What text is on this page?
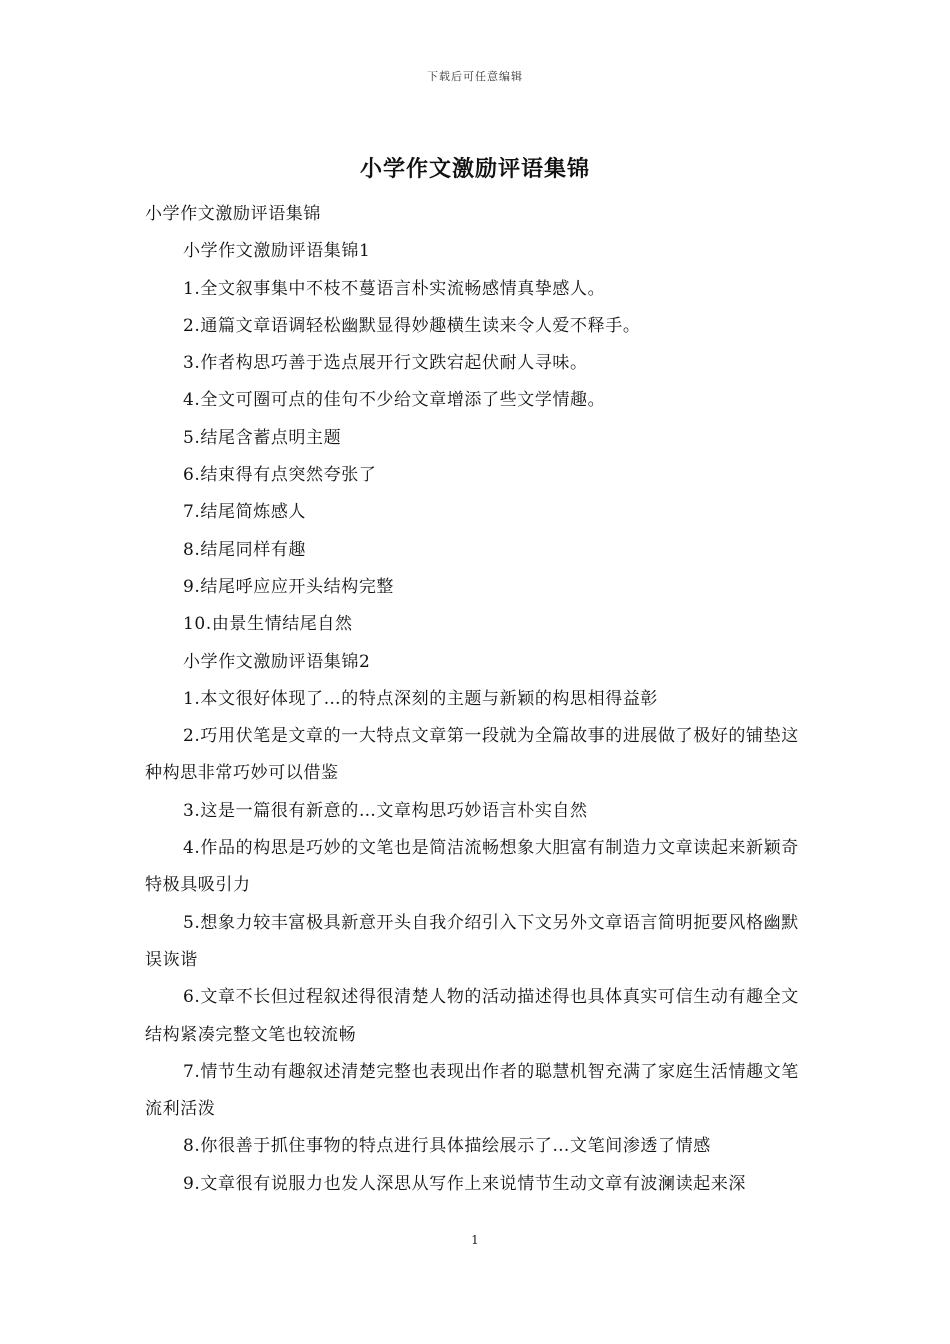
下载后可任意编辑
小学作文激励评语集锦

小学作文激励评语集锦

小学作文激励评语集锦1

1.全文叙事集中不枝不蔓语言朴实流畅感情真挚感人。

2.通篇文章语调轻松幽默显得妙趣横生读来令人爱不释手。

3.作者构思巧善于选点展开行文跌宕起伏耐人寻味。

4.全文可圈可点的佳句不少给文章增添了些文学情趣。

5.结尾含蓄点明主题

6.结束得有点突然夸张了

7.结尾简炼感人

8.结尾同样有趣

9.结尾呼应应开头结构完整

10.由景生情结尾自然

小学作文激励评语集锦2

1.本文很好体现了…的特点深刻的主题与新颖的构思相得益彰

2.巧用伏笔是文章的一大特点文章第一段就为全篇故事的进展做了极好的铺垫这种构思非常巧妙可以借鉴

3.这是一篇很有新意的…文章构思巧妙语言朴实自然

4.作品的构思是巧妙的文笔也是简洁流畅想象大胆富有制造力文章读起来新颖奇特极具吸引力

5.想象力较丰富极具新意开头自我介绍引入下文另外文章语言简明扼要风格幽默误诙谐

6.文章不长但过程叙述得很清楚人物的活动描述得也具体真实可信生动有趣全文结构紧凑完整文笔也较流畅

7.情节生动有趣叙述清楚完整也表现出作者的聪慧机智充满了家庭生活情趣文笔流利活泼

8.你很善于抓住事物的特点进行具体描绘展示了…文笔间渗透了情感

9.文章很有说服力也发人深思从写作上来说情节生动文章有波澜读起来深

1
